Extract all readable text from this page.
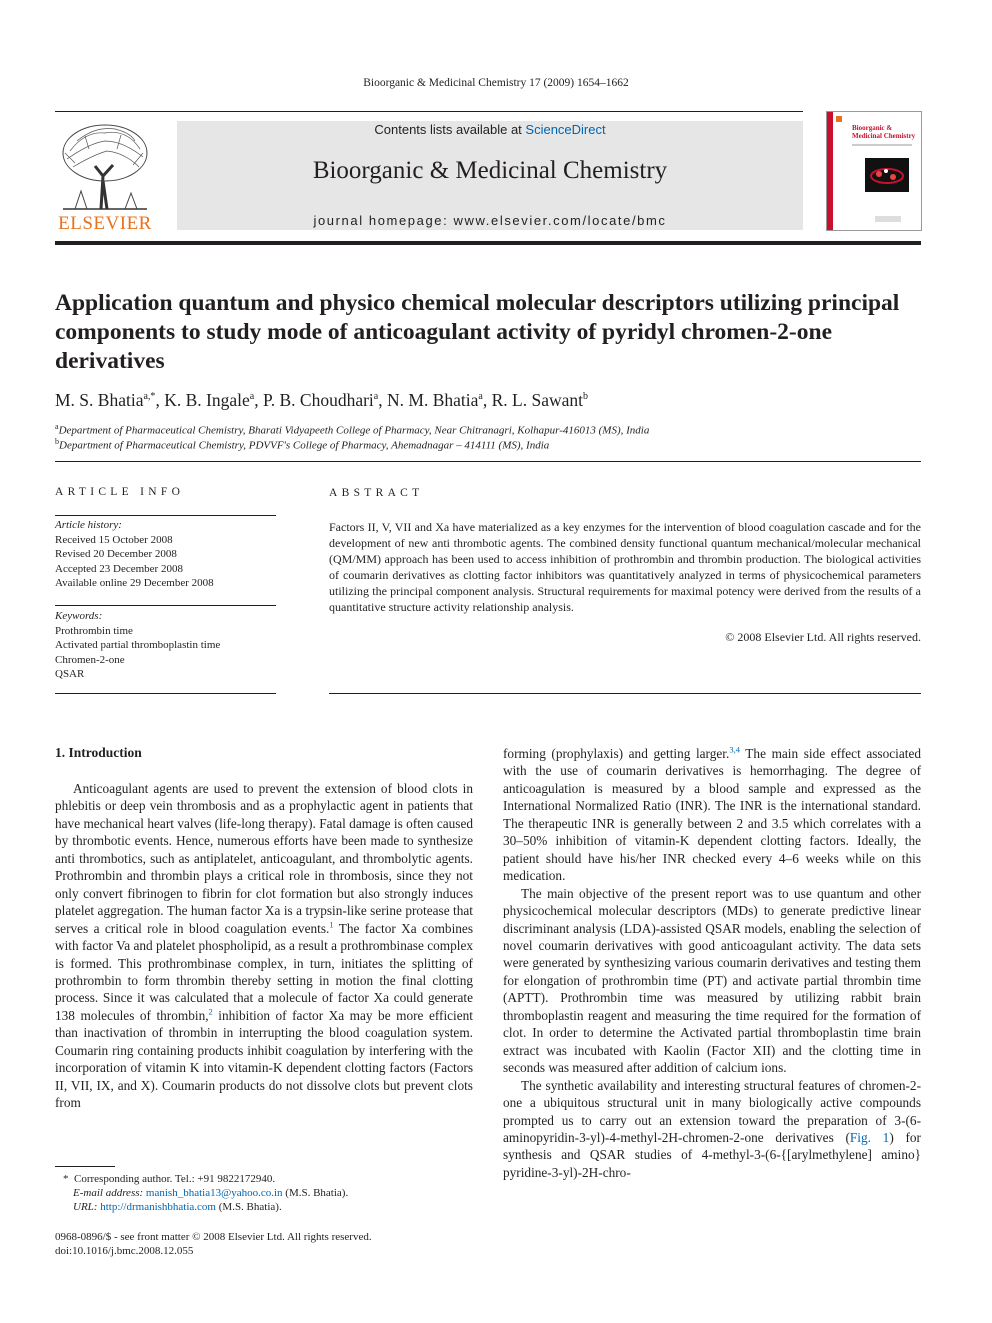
Bioorganic & Medicinal Chemistry 17 (2009) 1654–1662
ELSEVIER
Contents lists available at ScienceDirect
Bioorganic & Medicinal Chemistry
journal homepage: www.elsevier.com/locate/bmc
Bioorganic & Medicinal Chemistry
Application quantum and physico chemical molecular descriptors utilizing principal components to study mode of anticoagulant activity of pyridyl chromen-2-one derivatives
M. S. Bhatia$^{a,*}$, K. B. Ingale$^a$, P. B. Choudhari$^a$, N. M. Bhatia$^a$, R. L. Sawant$^b$
$^a$Department of Pharmaceutical Chemistry, Bharati Vidyapeeth College of Pharmacy, Near Chitranagri, Kolhapur-416013 (MS), India
$^b$Department of Pharmaceutical Chemistry, PDVVF's College of Pharmacy, Ahemadnagar – 414111 (MS), India
ARTICLE INFO
Article history:
Received 15 October 2008
Revised 20 December 2008
Accepted 23 December 2008
Available online 29 December 2008
Keywords:
Prothrombin time
Activated partial thromboplastin time
Chromen-2-one
QSAR
ABSTRACT
Factors II, V, VII and Xa have materialized as a key enzymes for the intervention of blood coagulation cascade and for the development of new anti thrombotic agents. The combined density functional quantum mechanical/molecular mechanical (QM/MM) approach has been used to access inhibition of prothrombin and thrombin production. The biological activities of coumarin derivatives as clotting factor inhibitors was quantitatively analyzed in terms of physicochemical parameters utilizing the principal component analysis. Structural requirements for maximal potency were derived from the results of a quantitative structure activity relationship analysis.
© 2008 Elsevier Ltd. All rights reserved.
1. Introduction

Anticoagulant agents are used to prevent the extension of blood clots in phlebitis or deep vein thrombosis and as a prophylactic agent in patients that have mechanical heart valves (life-long therapy). Fatal damage is often caused by thrombotic events. Hence, numerous efforts have been made to synthesize anti thrombotics, such as antiplatelet, anticoagulant, and thrombolytic agents. Prothrombin and thrombin plays a critical role in thrombosis, since they not only convert fibrinogen to fibrin for clot formation but also strongly induces platelet aggregation. The human factor Xa is a trypsin-like serine protease that serves a critical role in blood coagulation events.$^1$ The factor Xa combines with factor Va and platelet phospholipid, as a result a prothrombinase complex is formed. This prothrombinase complex, in turn, initiates the splitting of prothrombin to form thrombin thereby setting in motion the final clotting process. Since it was calculated that a molecule of factor Xa could generate 138 molecules of thrombin,$^2$ inhibition of factor Xa may be more efficient than inactivation of thrombin in interrupting the blood coagulation system. Coumarin ring containing products inhibit coagulation by interfering with the incorporation of vitamin K into vitamin-K dependent clotting factors (Factors II, VII, IX, and X). Coumarin products do not dissolve clots but prevent clots from

forming (prophylaxis) and getting larger.$^{3,4}$ The main side effect associated with the use of coumarin derivatives is hemorrhaging. The degree of anticoagulation is measured by a blood sample and expressed as the International Normalized Ratio (INR). The INR is the international standard. The therapeutic INR is generally between 2 and 3.5 which correlates with a 30–50% inhibition of vitamin-K dependent clotting factors. Ideally, the patient should have his/her INR checked every 4–6 weeks while on this medication.

The main objective of the present report was to use quantum and other physicochemical molecular descriptors (MDs) to generate predictive linear discriminant analysis (LDA)-assisted QSAR models, enabling the selection of novel coumarin derivatives with good anticoagulant activity. The data sets were generated by synthesizing various coumarin derivatives and testing them for elongation of prothrombin time (PT) and activate partial thrombin time (APTT). Prothrombin time was measured by utilizing rabbit brain thromboplastin reagent and measuring the time required for the formation of clot. In order to determine the Activated partial thromboplastin time brain extract was incubated with Kaolin (Factor XII) and the clotting time in seconds was measured after addition of calcium ions.

The synthetic availability and interesting structural features of chromen-2-one a ubiquitous structural unit in many biologically active compounds prompted us to carry out an extension toward the preparation of 3-(6-aminopyridin-3-yl)-4-methyl-2H-chromen-2-one derivatives (Fig. 1) for synthesis and QSAR studies of 4-methyl-3-(6-{[arylmethylene] amino} pyridine-3-yl)-2H-chro-

* Corresponding author. Tel.: +91 9822172940.
E-mail address: manish_bhatia13@yahoo.co.in (M.S. Bhatia).
URL: http://drmanishbhatia.com (M.S. Bhatia).
0968-0896/$ - see front matter © 2008 Elsevier Ltd. All rights reserved.
doi:10.1016/j.bmc.2008.12.055
